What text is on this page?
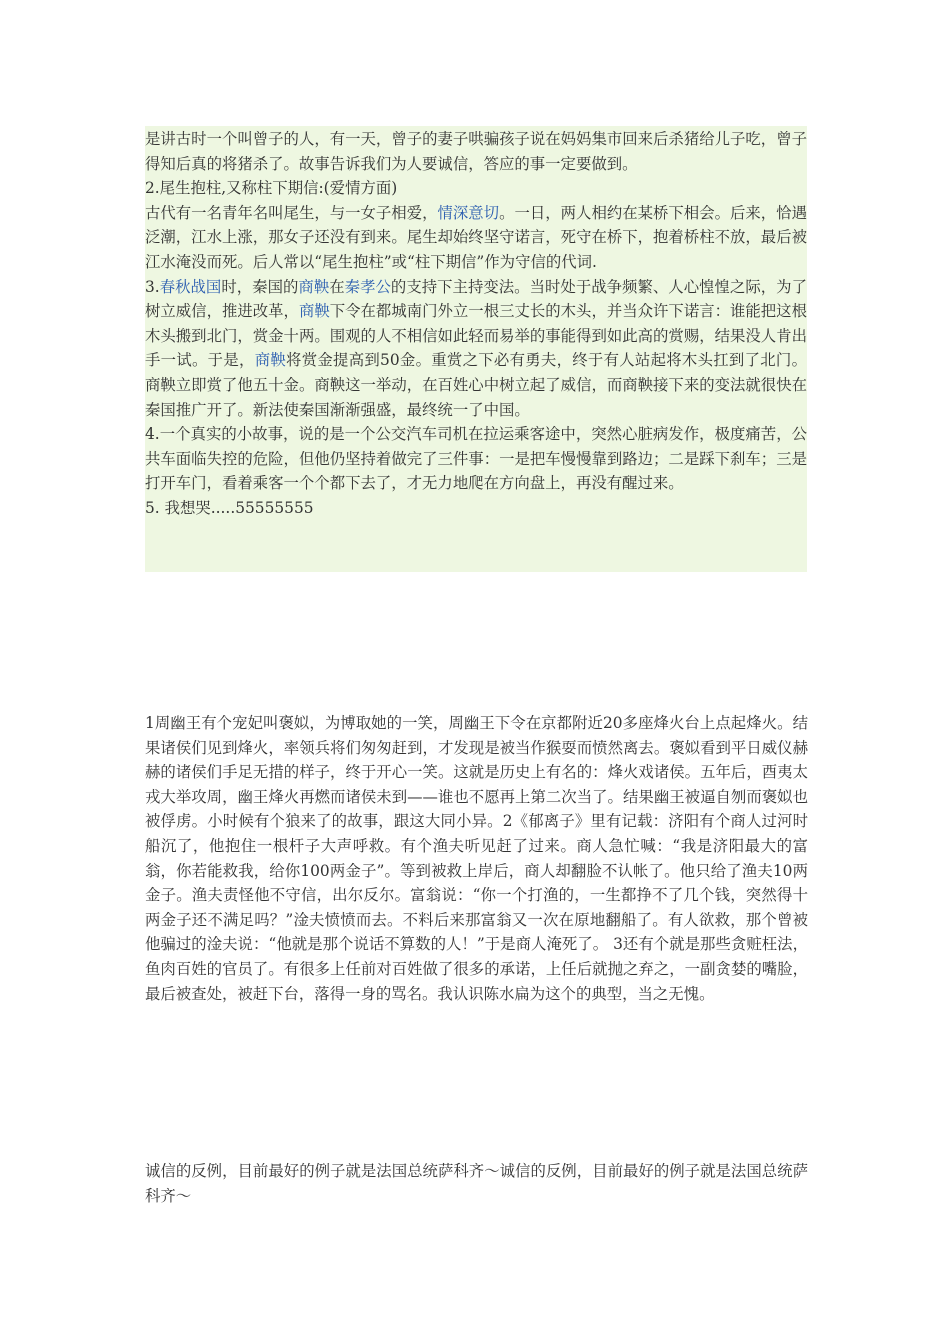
是讲古时一个叫曾子的人，有一天，曾子的妻子哄骗孩子说在妈妈集市回来后杀猪给儿子吃，曾子得知后真的将猪杀了。故事告诉我们为人要诚信，答应的事一定要做到。

2.尾生抱柱,又称柱下期信:(爱情方面)

古代有一名青年名叫尾生，与一女子相爱，情深意切。一日，两人相约在某桥下相会。后来，恰遇泛潮，江水上涨，那女子还没有到来。尾生却始终坚守诺言，死守在桥下，抱着桥柱不放，最后被江水淹没而死。后人常以“尾生抱柱”或“柱下期信”作为守信的代词.

3.春秋战国时，秦国的商鞅在秦孝公的支持下主持变法。当时处于战争频繁、人心惶惶之际，为了树立威信，推进改革，商鞅下令在都城南门外立一根三丈长的木头，并当众许下诺言：谁能把这根木头搬到北门，赏金十两。围观的人不相信如此轻而易举的事能得到如此高的赏赐，结果没人肯出手一试。于是，商鞅将赏金提高到50金。重赏之下必有勇夫，终于有人站起将木头扛到了北门。商鞅立即赏了他五十金。商鞅这一举动，在百姓心中树立起了威信，而商鞅接下来的变法就很快在秦国推广开了。新法使秦国渐渐强盛，最终统一了中国。

4.一个真实的小故事，说的是一个公交汽车司机在拉运乘客途中，突然心脏病发作，极度痛苦，公共车面临失控的危险，但他仍坚持着做完了三件事：一是把车慢慢靠到路边；二是踩下刹车；三是打开车门，看着乘客一个个都下去了，才无力地爬在方向盘上，再没有醒过来。

5. 我想哭.....55555555

1周幽王有个宠妃叫褒姒，为博取她的一笑，周幽王下令在京都附近20多座烽火台上点起烽火。结果诸侯们见到烽火，率领兵将们匆匆赶到，才发现是被当作猴耍而愤然离去。褒姒看到平日威仪赫赫的诸侯们手足无措的样子，终于开心一笑。这就是历史上有名的：烽火戏诸侯。五年后，酉夷太戎大举攻周，幽王烽火再燃而诸侯未到——谁也不愿再上第二次当了。结果幽王被逼自刎而褒姒也被俘虏。小时候有个狼来了的故事，跟这大同小异。2《郁离子》里有记载：济阳有个商人过河时船沉了，他抱住一根杆子大声呼救。有个渔夫听见赶了过来。商人急忙喊：“我是济阳最大的富翁，你若能救我，给你100两金子”。等到被救上岸后，商人却翻脸不认帐了。他只给了渔夫10两金子。渔夫责怪他不守信，出尔反尔。富翁说：“你一个打渔的，一生都挣不了几个钱，突然得十两金子还不满足吗？”淦夫愤愤而去。不料后来那富翁又一次在原地翻船了。有人欲救，那个曾被他骗过的淦夫说：“他就是那个说话不算数的人！”于是商人淹死了。 3还有个就是那些贪赃枉法，鱼肉百姓的官员了。有很多上任前对百姓做了很多的承诺，上任后就抛之弃之，一副贪婪的嘴脸，最后被查处，被赶下台，落得一身的骂名。我认识陈水扁为这个的典型，当之无愧。

诚信的反例，目前最好的例子就是法国总统萨科齐～诚信的反例，目前最好的例子就是法国总统萨科齐～
